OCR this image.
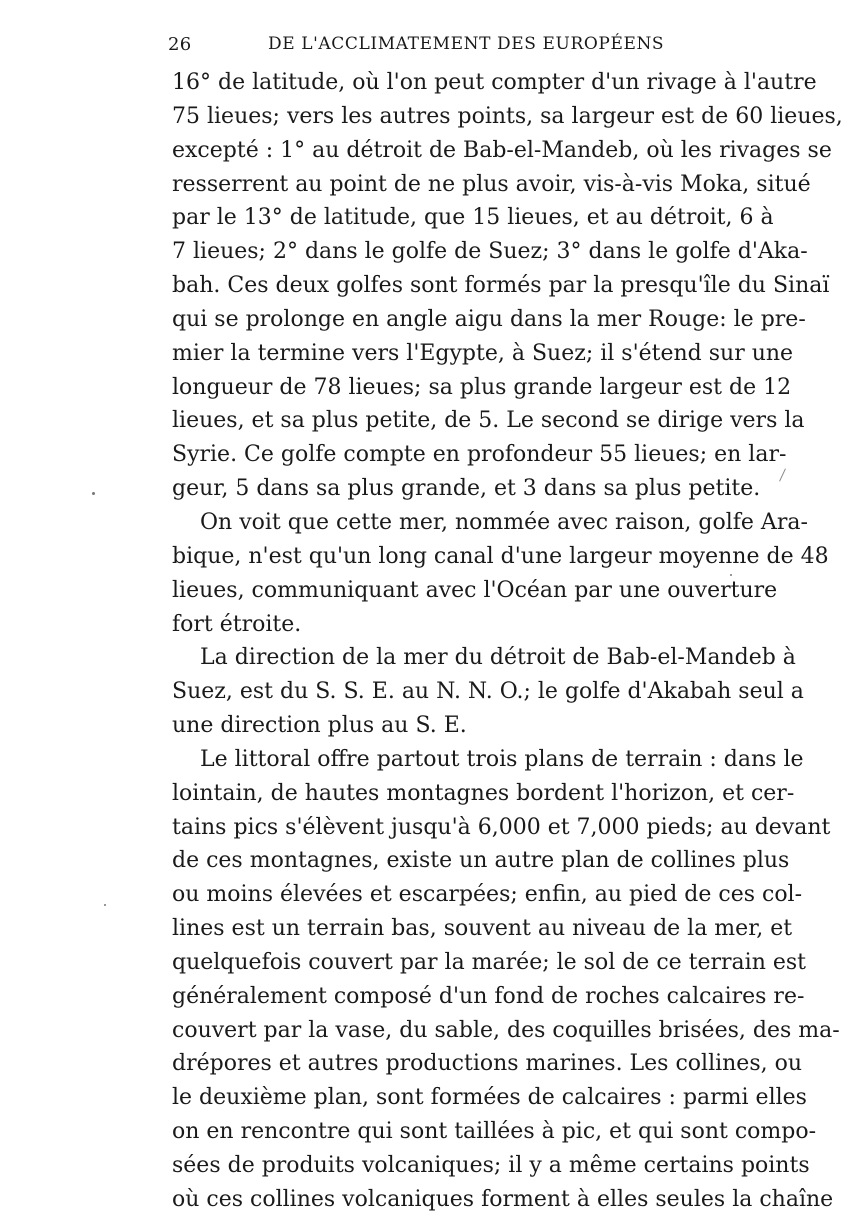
26	DE L'ACCLIMATEMENT DES EUROPÉENS
16° de latitude, où l'on peut compter d'un rivage à l'autre
75 lieues; vers les autres points, sa largeur est de 60 lieues,
excepté : 1° au détroit de Bab-el-Mandeb, où les rivages se
resserrent au point de ne plus avoir, vis-à-vis Moka, situé
par le 13° de latitude, que 15 lieues, et au détroit, 6 à
7 lieues; 2° dans le golfe de Suez; 3° dans le golfe d'Aka-
bah. Ces deux golfes sont formés par la presqu'île du Sinaï
qui se prolonge en angle aigu dans la mer Rouge: le pre-
mier la termine vers l'Egypte, à Suez; il s'étend sur une
longueur de 78 lieues; sa plus grande largeur est de 12
lieues, et sa plus petite, de 5. Le second se dirige vers la
Syrie. Ce golfe compte en profondeur 55 lieues; en lar-
geur, 5 dans sa plus grande, et 3 dans sa plus petite.
On voit que cette mer, nommée avec raison, golfe Ara-
bique, n'est qu'un long canal d'une largeur moyenne de 48
lieues, communiquant avec l'Océan par une ouverture
fort étroite.
La direction de la mer du détroit de Bab-el-Mandeb à
Suez, est du S. S. E. au N. N. O.; le golfe d'Akabah seul a
une direction plus au S. E.
Le littoral offre partout trois plans de terrain : dans le
lointain, de hautes montagnes bordent l'horizon, et cer-
tains pics s'élèvent jusqu'à 6,000 et 7,000 pieds; au devant
de ces montagnes, existe un autre plan de collines plus
ou moins élevées et escarpées; enfin, au pied de ces col-
lines est un terrain bas, souvent au niveau de la mer, et
quelquefois couvert par la marée; le sol de ce terrain est
généralement composé d'un fond de roches calcaires re-
couvert par la vase, du sable, des coquilles brisées, des ma-
drépores et autres productions marines. Les collines, ou
le deuxième plan, sont formées de calcaires : parmi elles
on en rencontre qui sont taillées à pic, et qui sont compo-
sées de produits volcaniques; il y a même certains points
où ces collines volcaniques forment à elles seules la chaîne
